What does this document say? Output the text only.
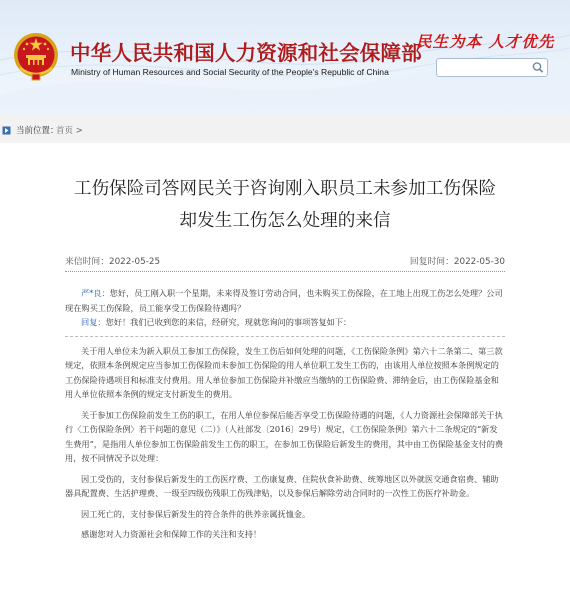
中华人民共和国人力资源和社会保障部
Ministry of Human Resources and Social Security of the People's Republic of China
民生为本 人才优先
当前位置：
首页 >
工伤保险司答网民关于咨询刚入职员工未参加工伤保险
却发生工伤怎么处理的来信
来信时间：2022-05-25	回复时间：2022-05-30

严*良：您好，员工刚入职一个星期，未来得及签订劳动合同，也未购买工伤保险，在工地上出现工伤怎么处理？公司现在购买工伤保险，员工能享受工伤保险待遇吗？

回复：您好！我们已收到您的来信，经研究，现就您询问的事项答复如下：

关于用人单位未为新入职员工参加工伤保险，发生工伤后如何处理的问题，《工伤保险条例》第六十二条第二、第三款规定，依照本条例规定应当参加工伤保险而未参加工伤保险的用人单位职工发生工伤的，由该用人单位按照本条例规定的工伤保险待遇项目和标准支付费用。用人单位参加工伤保险并补缴应当缴纳的工伤保险费、滞纳金后，由工伤保险基金和用人单位依照本条例的规定支付新发生的费用。

关于参加工伤保险前发生工伤的职工，在用人单位参保后能否享受工伤保险待遇的问题，《人力资源社会保障部关于执行〈工伤保险条例〉若干问题的意见（二）》（人社部发〔2016〕29号）规定，《工伤保险条例》第六十二条规定的“新发生费用”，是指用人单位参加工伤保险前发生工伤的职工，在参加工伤保险后新发生的费用，其中由工伤保险基金支付的费用，按不同情况予以处理：

因工受伤的，支付参保后新发生的工伤医疗费、工伤康复费、住院伙食补助费、统筹地区以外就医交通食宿费、辅助器具配置费、生活护理费、一级至四级伤残职工伤残津贴，以及参保后解除劳动合同时的一次性工伤医疗补助金。

因工死亡的，支付参保后新发生的符合条件的供养亲属抚恤金。

感谢您对人力资源社会和保障工作的关注和支持！
